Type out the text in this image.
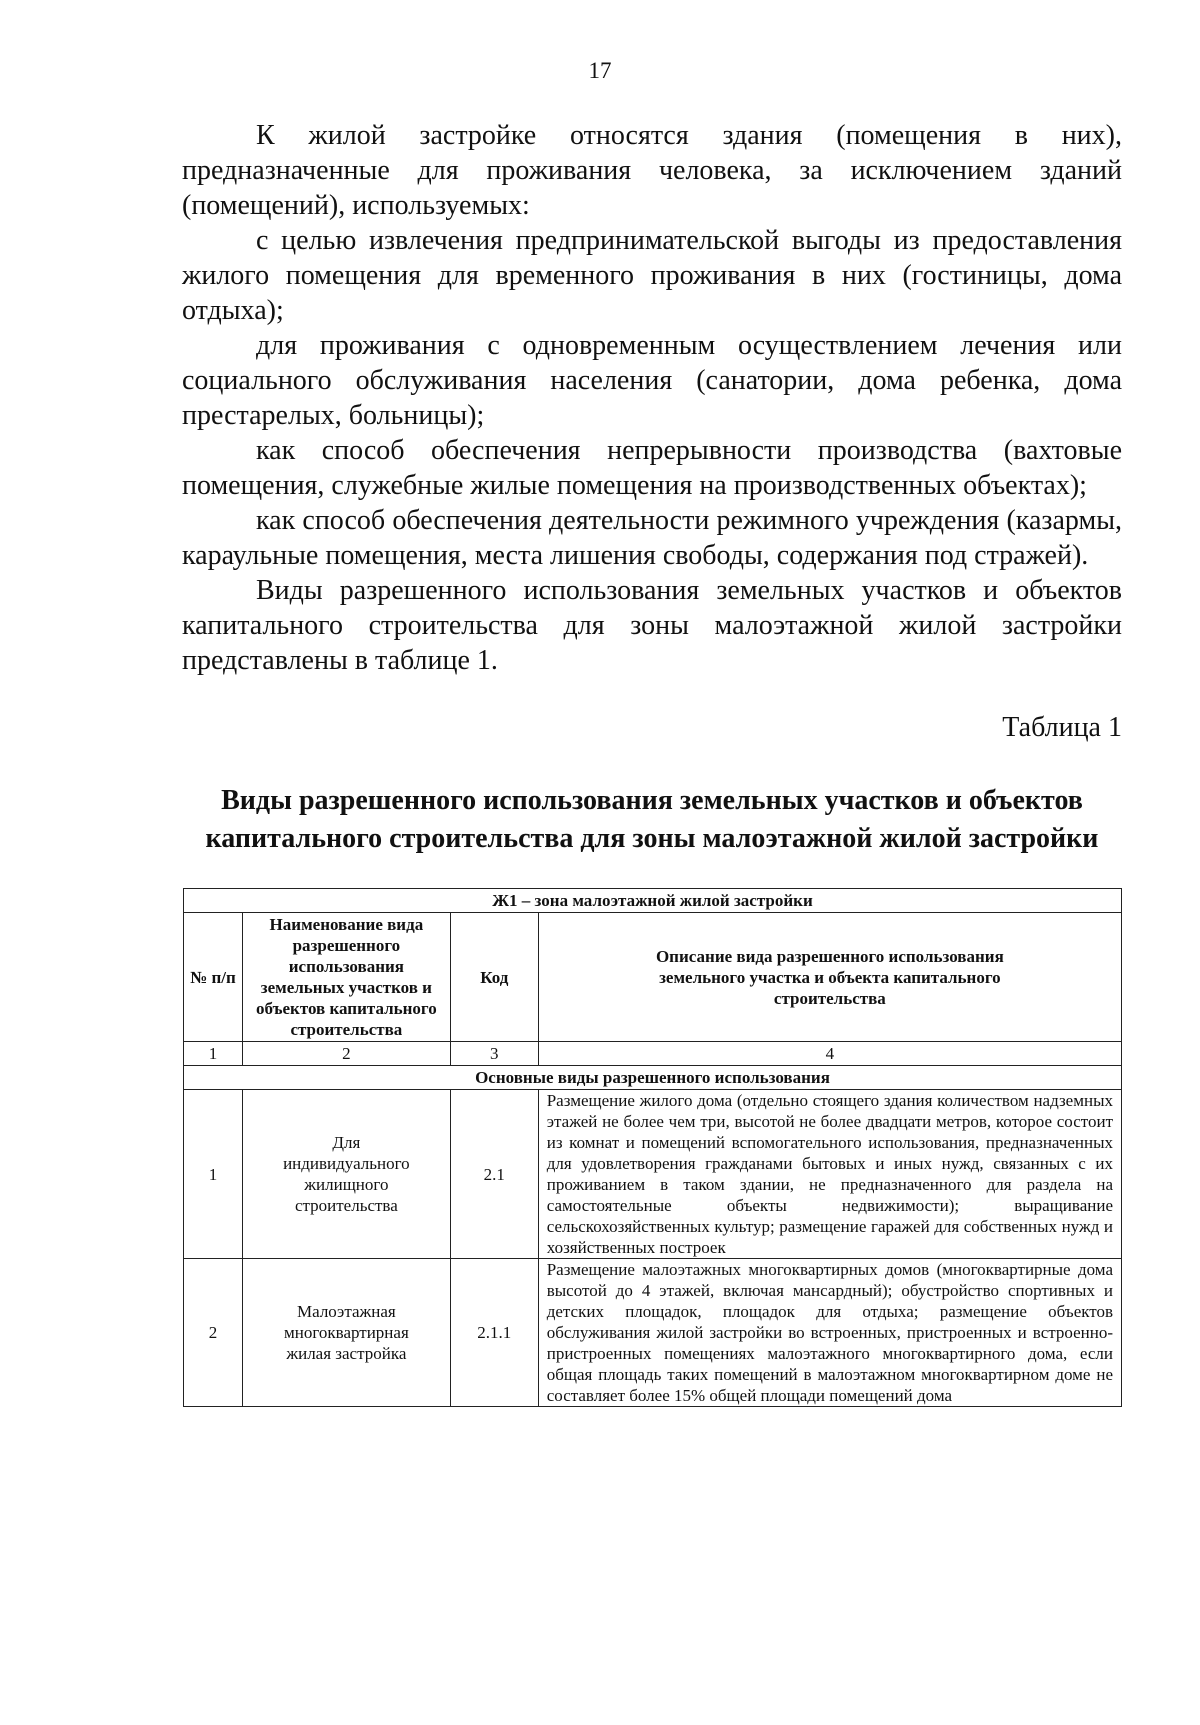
17

К жилой застройке относятся здания (помещения в них), предназначенные для проживания человека, за исключением зданий (помещений), используемых:

с целью извлечения предпринимательской выгоды из предоставления жилого помещения для временного проживания в них (гостиницы, дома отдыха);

для проживания с одновременным осуществлением лечения или социального обслуживания населения (санатории, дома ребенка, дома престарелых, больницы);

как способ обеспечения непрерывности производства (вахтовые помещения, служебные жилые помещения на производственных объектах);

как способ обеспечения деятельности режимного учреждения (казармы, караульные помещения, места лишения свободы, содержания под стражей).

Виды разрешенного использования земельных участков и объектов капитального строительства для зоны малоэтажной жилой застройки представлены в таблице 1.

Таблица 1
Виды разрешенного использования земельных участков и объектов
капитального строительства для зоны малоэтажной жилой застройки
Ж1 – зона малоэтажной жилой застройки			
№ п/п	Наименование вида разрешенного использования земельных участков и объектов капитального строительства	Код	Описание вида разрешенного использования земельного участка и объекта капитального строительства
1	2	3	4
Основные виды разрешенного использования			
1	Для индивидуального жилищного строительства	2.1	Размещение жилого дома (отдельно стоящего здания количеством надземных этажей не более чем три, высотой не более двадцати метров, которое состоит из комнат и помещений вспомогательного использования, предназначенных для удовлетворения гражданами бытовых и иных нужд, связанных с их проживанием в таком здании, не предназначенного для раздела на самостоятельные объекты недвижимости); выращивание сельскохозяйственных культур; размещение гаражей для собственных нужд и хозяйственных построек
2	Малоэтажная многоквартирная жилая застройка	2.1.1	Размещение малоэтажных многоквартирных домов (многоквартирные дома высотой до 4 этажей, включая мансардный); обустройство спортивных и детских площадок, площадок для отдыха; размещение объектов обслуживания жилой застройки во встроенных, пристроенных и встроенно-пристроенных помещениях малоэтажного многоквартирного дома, если общая площадь таких помещений в малоэтажном многоквартирном доме не составляет более 15% общей площади помещений дома
